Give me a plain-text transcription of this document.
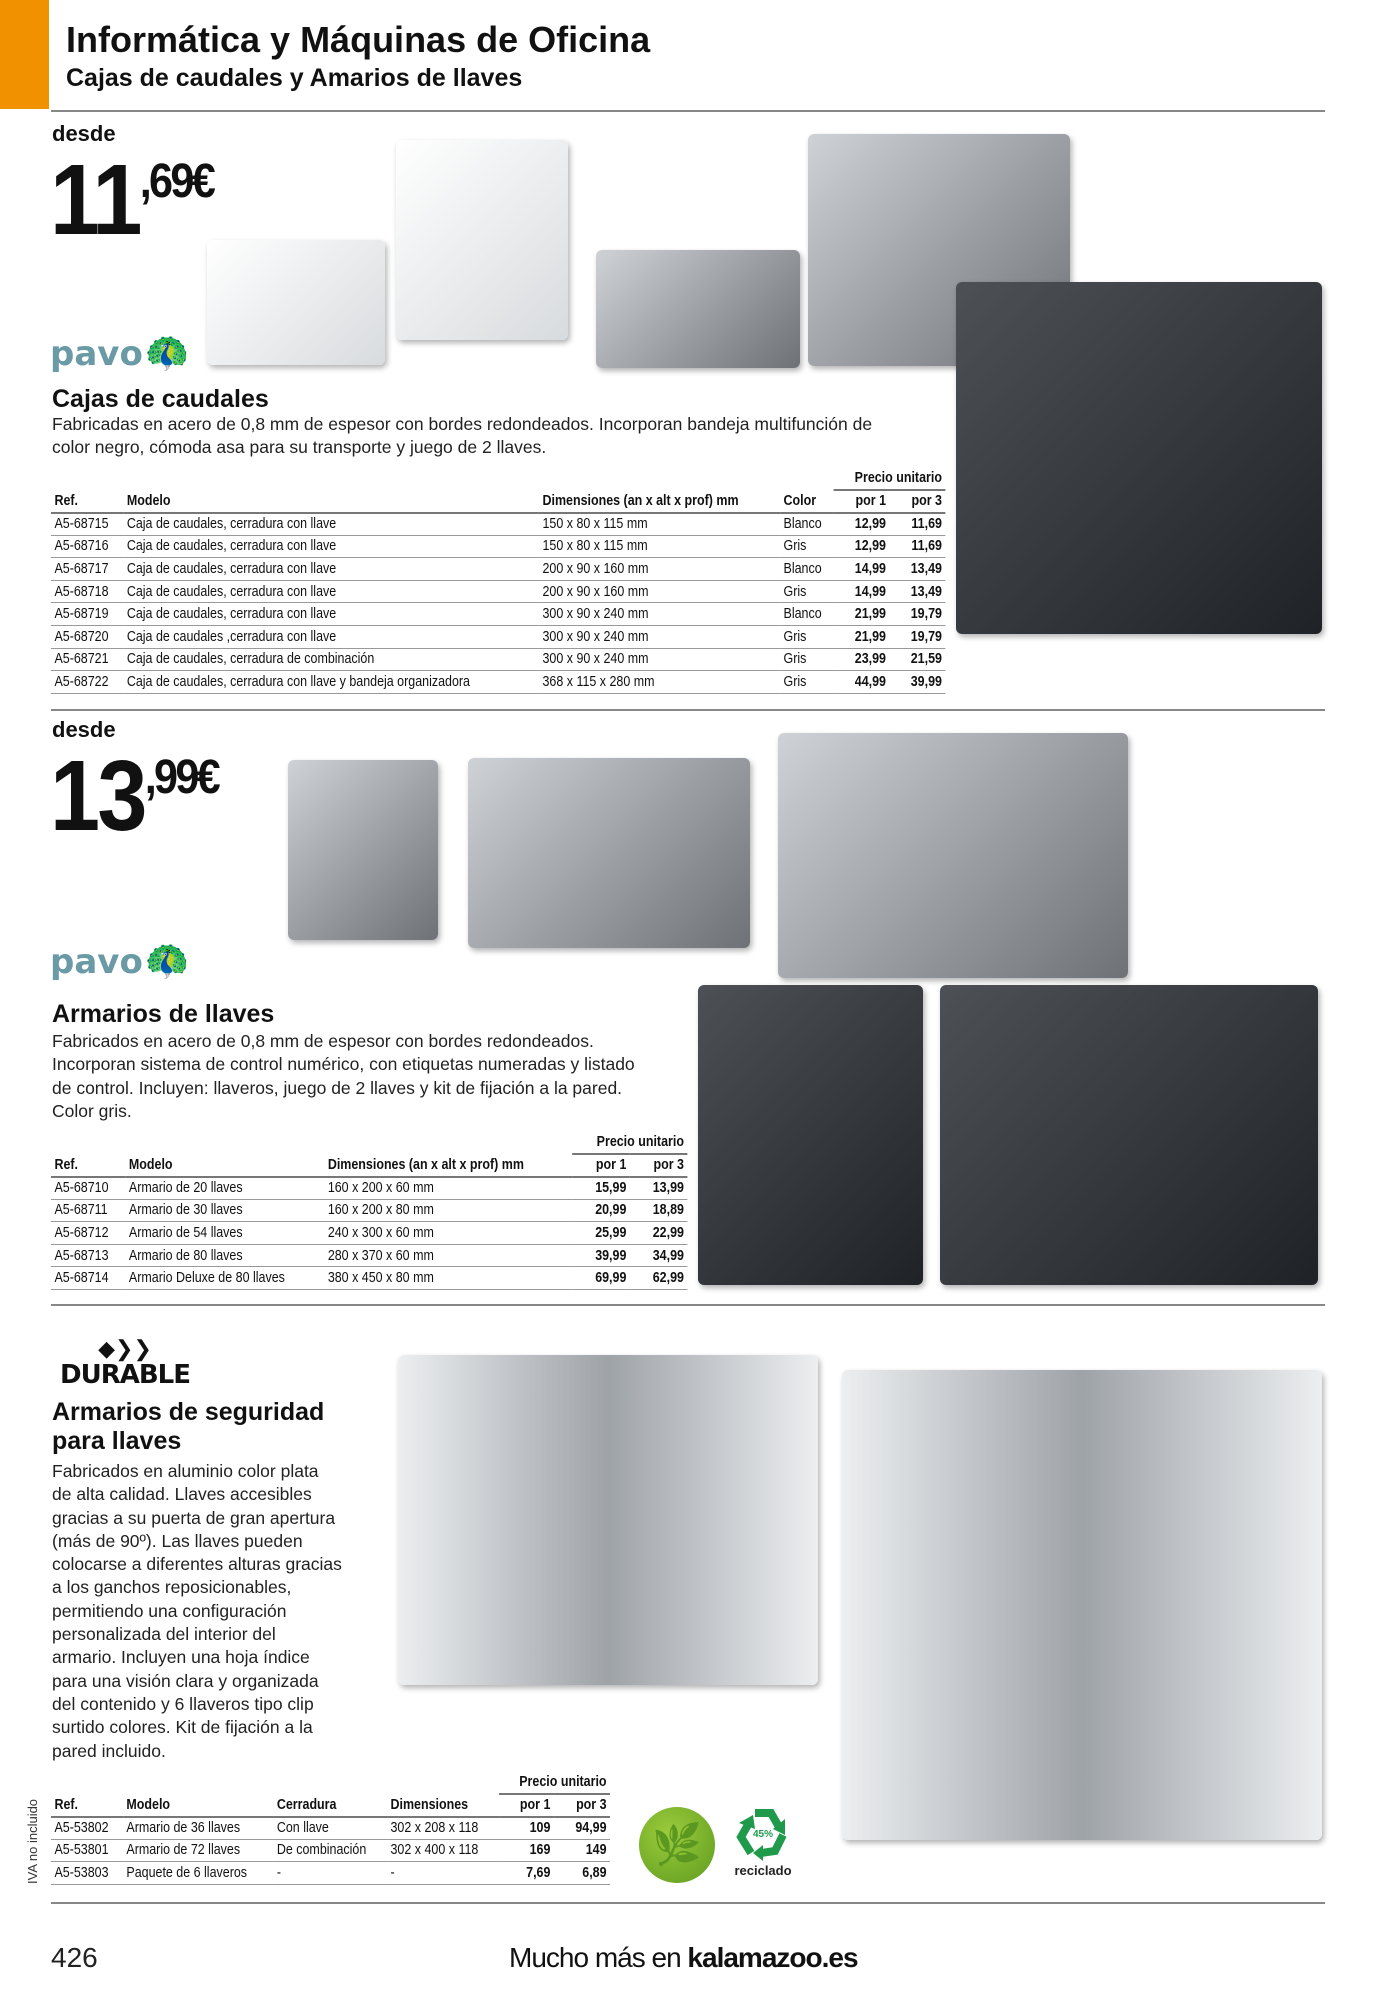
Informática y Máquinas de Oficina
Cajas de caudales y Amarios de llaves
desde
11,69€
pavo🦚
Cajas de caudales
Fabricadas en acero de 0,8 mm de espesor con bordes redondeados. Incorporan bandeja multifunción de
color negro, cómoda asa para su transporte y juego de 2 llaves.
				Precio unitario	
Ref.	Modelo	Dimensiones (an x alt x prof) mm	Color	por 1	por 3
A5-68715	Caja de caudales, cerradura con llave	150 x 80 x 115 mm	Blanco	12,99	11,69
A5-68716	Caja de caudales, cerradura con llave	150 x 80 x 115 mm	Gris	12,99	11,69
A5-68717	Caja de caudales, cerradura con llave	200 x 90 x 160 mm	Blanco	14,99	13,49
A5-68718	Caja de caudales, cerradura con llave	200 x 90 x 160 mm	Gris	14,99	13,49
A5-68719	Caja de caudales, cerradura con llave	300 x 90 x 240 mm	Blanco	21,99	19,79
A5-68720	Caja de caudales ,cerradura con llave	300 x 90 x 240 mm	Gris	21,99	19,79
A5-68721	Caja de caudales, cerradura de combinación	300 x 90 x 240 mm	Gris	23,99	21,59
A5-68722	Caja de caudales, cerradura con llave y bandeja organizadora	368 x 115 x 280 mm	Gris	44,99	39,99
desde
13,99€
pavo🦚
Armarios de llaves
Fabricados en acero de 0,8 mm de espesor con bordes redondeados.
Incorporan sistema de control numérico, con etiquetas numeradas y listado
de control. Incluyen: llaveros, juego de 2 llaves y kit de fijación a la pared.
Color gris.
			Precio unitario	
Ref.	Modelo	Dimensiones (an x alt x prof) mm	por 1	por 3
A5-68710	Armario de 20 llaves	160 x 200 x 60 mm	15,99	13,99
A5-68711	Armario de 30 llaves	160 x 200 x 80 mm	20,99	18,89
A5-68712	Armario de 54 llaves	240 x 300 x 60 mm	25,99	22,99
A5-68713	Armario de 80 llaves	280 x 370 x 60 mm	39,99	34,99
A5-68714	Armario Deluxe de 80 llaves	380 x 450 x 80 mm	69,99	62,99
◆❯❯
DURABLE
Armarios de seguridad
para llaves
Fabricados en aluminio color plata
de alta calidad. Llaves accesibles
gracias a su puerta de gran apertura
(más de 90º). Las llaves pueden
colocarse a diferentes alturas gracias
a los ganchos reposicionables,
permitiendo una configuración
personalizada del interior del
armario. Incluyen una hoja índice
para una visión clara y organizada
del contenido y 6 llaveros tipo clip
surtido colores. Kit de fijación a la
pared incluido.
				Precio unitario	
Ref.	Modelo	Cerradura	Dimensiones	por 1	por 3
A5-53802	Armario de 36 llaves	Con llave	302 x 208 x 118	109	94,99
A5-53801	Armario de 72 llaves	De combinación	302 x 400 x 118	169	149
A5-53803	Paquete de 6 llaveros	-	-	7,69	6,89
IVA no incluido	🌿	45%
reciclado
426	Mucho más en kalamazoo.es
